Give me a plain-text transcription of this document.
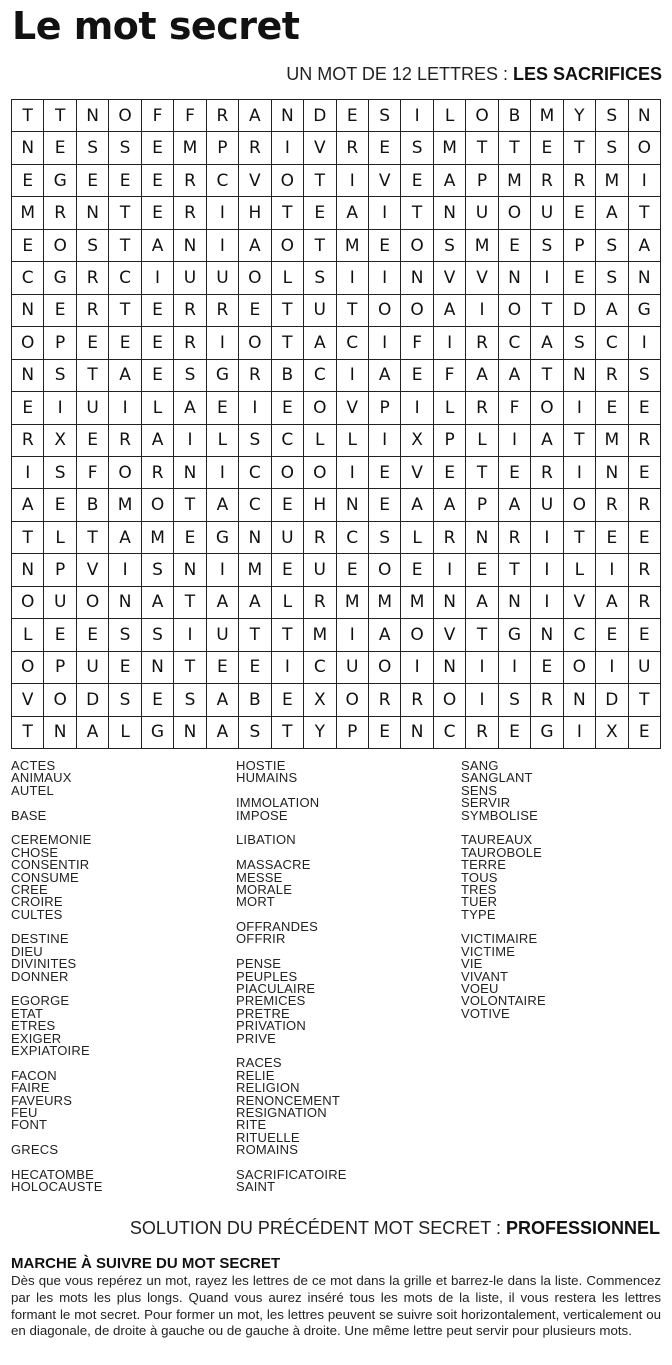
Le mot secret
UN MOT DE 12 LETTRES : LES SACRIFICES
T	T	N	O	F	F	R	A	N	D	E	S	I	L	O	B	M	Y	S	N
N	E	S	S	E	M	P	R	I	V	R	E	S	M	T	T	E	T	S	O
E	G	E	E	E	R	C	V	O	T	I	V	E	A	P	M	R	R	M	I
M	R	N	T	E	R	I	H	T	E	A	I	T	N	U	O	U	E	A	T
E	O	S	T	A	N	I	A	O	T	M	E	O	S	M	E	S	P	S	A
C	G	R	C	I	U	U	O	L	S	I	I	N	V	V	N	I	E	S	N
N	E	R	T	E	R	R	E	T	U	T	O	O	A	I	O	T	D	A	G
O	P	E	E	E	R	I	O	T	A	C	I	F	I	R	C	A	S	C	I
N	S	T	A	E	S	G	R	B	C	I	A	E	F	A	A	T	N	R	S
E	I	U	I	L	A	E	I	E	O	V	P	I	L	R	F	O	I	E	E
R	X	E	R	A	I	L	S	C	L	L	I	X	P	L	I	A	T	M	R
I	S	F	O	R	N	I	C	O	O	I	E	V	E	T	E	R	I	N	E
A	E	B	M	O	T	A	C	E	H	N	E	A	A	P	A	U	O	R	R
T	L	T	A	M	E	G	N	U	R	C	S	L	R	N	R	I	T	E	E
N	P	V	I	S	N	I	M	E	U	E	O	E	I	E	T	I	L	I	R
O	U	O	N	A	T	A	A	L	R	M	M	M	N	A	N	I	V	A	R
L	E	E	S	S	I	U	T	T	M	I	A	O	V	T	G	N	C	E	E
O	P	U	E	N	T	E	E	I	C	U	O	I	N	I	I	E	O	I	U
V	O	D	S	E	S	A	B	E	X	O	R	R	O	I	S	R	N	D	T
T	N	A	L	G	N	A	S	T	Y	P	E	N	C	R	E	G	I	X	E
ACTES
ANIMAUX
AUTEL
BASE
CEREMONIE
CHOSE
CONSENTIR
CONSUME
CREE
CROIRE
CULTES
DESTINE
DIEU
DIVINITES
DONNER
EGORGE
ETAT
ETRES
EXIGER
EXPIATOIRE
FACON
FAIRE
FAVEURS
FEU
FONT
GRECS
HECATOMBE
HOLOCAUSTE
HOSTIE
HUMAINS
IMMOLATION
IMPOSE
LIBATION
MASSACRE
MESSE
MORALE
MORT
OFFRANDES
OFFRIR
PENSE
PEUPLES
PIACULAIRE
PREMICES
PRETRE
PRIVATION
PRIVE
RACES
RELIE
RELIGION
RENONCEMENT
RESIGNATION
RITE
RITUELLE
ROMAINS
SACRIFICATOIRE
SAINT
SANG
SANGLANT
SENS
SERVIR
SYMBOLISE
TAUREAUX
TAUROBOLE
TERRE
TOUS
TRES
TUER
TYPE
VICTIMAIRE
VICTIME
VIE
VIVANT
VOEU
VOLONTAIRE
VOTIVE
SOLUTION DU PRÉCÉDENT MOT SECRET : PROFESSIONNEL
MARCHE À SUIVRE DU MOT SECRET
Dès que vous repérez un mot, rayez les lettres de ce mot dans la grille et barrez-le dans la liste. Commencez par les mots les plus longs. Quand vous aurez inséré tous les mots de la liste, il vous restera les lettres formant le mot secret. Pour former un mot, les lettres peuvent se suivre soit horizontalement, verticalement ou en diagonale, de droite à gauche ou de gauche à droite. Une même lettre peut servir pour plusieurs mots.
